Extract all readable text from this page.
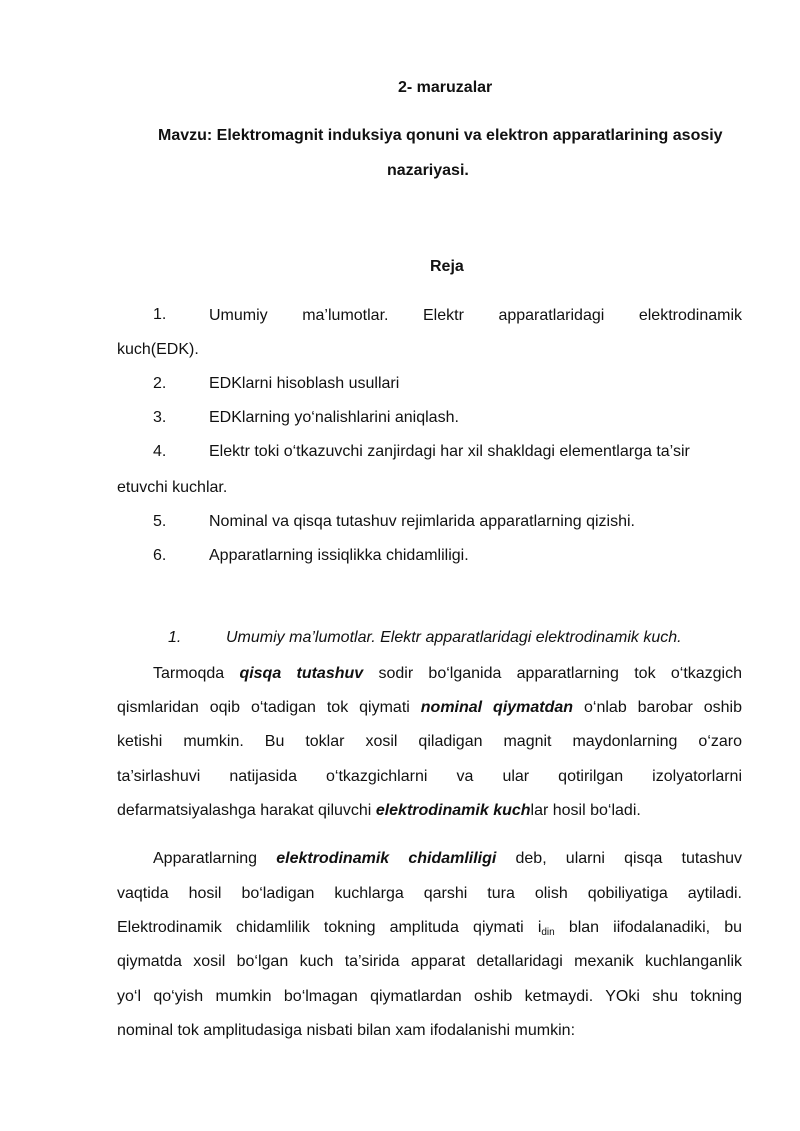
2- maruzalar
Mavzu: Elektromagnit induksiya qonuni va elektron apparatlarining asosiy
nazariyasi.
Reja
1.	Umumiy ma’lumotlar. Elektr apparatlaridagi elektrodinamik
kuch(EDK).
2.	EDKlarni hisoblash usullari
3.	EDKlarning yo‘nalishlarini aniqlash.
4.	Elektr toki o‘tkazuvchi zanjirdagi har xil shakldagi elementlarga ta’sir
etuvchi kuchlar.
5.	Nominal va qisqa tutashuv rejimlarida apparatlarning qizishi.
6.	Apparatlarning issiqlikka chidamliligi.
1.	Umumiy ma’lumotlar. Elektr apparatlaridagi elektrodinamik kuch.
Tarmoqda qisqa tutashuv sodir bo‘lganida apparatlarning tok o‘tkazgich
qismlaridan oqib o‘tadigan tok qiymati nominal qiymatdan o‘nlab barobar oshib
ketishi mumkin. Bu toklar xosil qiladigan magnit maydonlarning o‘zaro
ta’sirlashuvi natijasida o‘tkazgichlarni va ular qotirilgan izolyatorlarni
defarmatsiyalashga harakat qiluvchi elektrodinamik kuchlar hosil bo‘ladi.
Apparatlarning elektrodinamik chidamliligi deb, ularni qisqa tutashuv
vaqtida hosil bo‘ladigan kuchlarga qarshi tura olish qobiliyatiga aytiladi.
Elektrodinamik chidamlilik tokning amplituda qiymati $i_{din}$ blan iifodalanadiki, bu
qiymatda xosil bo‘lgan kuch ta’sirida apparat detallaridagi mexanik kuchlanganlik
yo‘l qo‘yish mumkin bo‘lmagan qiymatlardan oshib ketmaydi. YOki shu tokning
nominal tok amplitudasiga nisbati bilan xam ifodalanishi mumkin:
